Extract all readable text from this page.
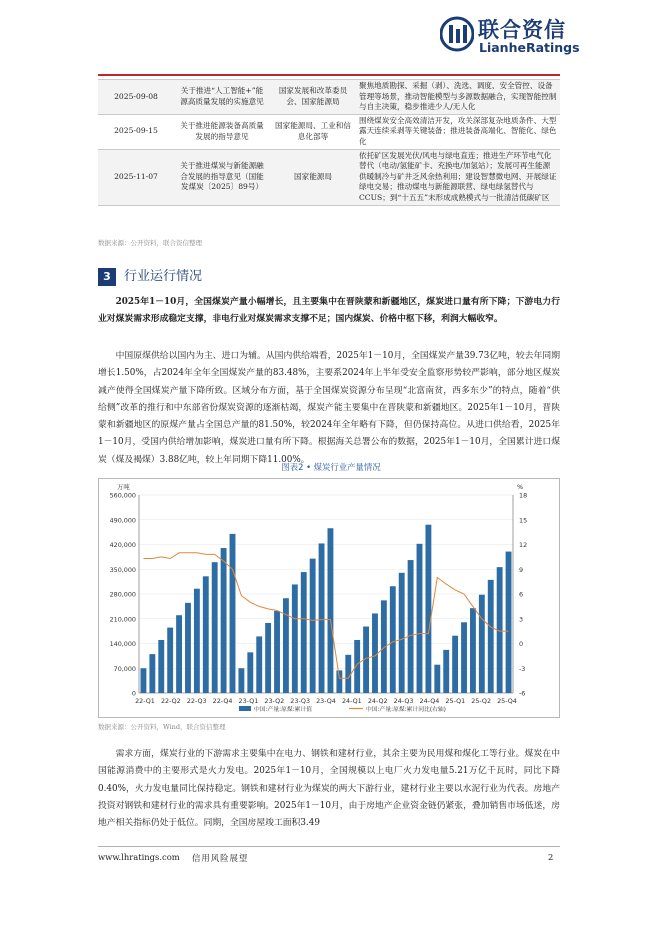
联合资信
LianheRatings
2025-09-08	关于推进“人工智能+”能源高质量发展的实施意见	国家发展和改革委员会、国家能源局	聚焦地质勘探、采掘（剥）、洗选、调度、安全管控、设备管理等场景，推动智能模型与多源数据融合，实现智能控制与自主决策，稳步推进少人/无人化
2025-09-15	关于推进能源装备高质量发展的指导意见	国家能源局、工业和信息化部等	围绕煤炭安全高效清洁开发，攻关深部复杂地质条件、大型露天连续采剥等关键装备；推进装备高端化、智能化、绿色化
2025-11-07	关于推进煤炭与新能源融合发展的指导意见（国能发煤炭〔2025〕89号）	国家能源局	依托矿区发展光伏/风电与绿电直连；推进生产环节电气化替代（电动/氢能矿卡、充换电/加氢站）；发展可再生能源供暖制冷与矿井乏风余热利用；建设智慧微电网、开展绿证绿电交易；推动煤电与新能源联营、绿电绿氢替代与CCUS；到“十五五”末形成成熟模式与一批清洁低碳矿区
数据来源：公开资料，联合资信整理
3	行业运行情况

2025年1－10月，全国煤炭产量小幅增长，且主要集中在晋陕蒙和新疆地区，煤炭进口量有所下降；下游电力行业对煤炭需求形成稳定支撑，非电行业对煤炭需求支撑不足；国内煤炭、价格中枢下移，利润大幅收窄。

中国原煤供给以国内为主、进口为辅。从国内供给端看，2025年1－10月，全国煤炭产量39.73亿吨，较去年同期增长1.50%，占2024年全年全国煤炭产量的83.48%，主要系2024年上半年受安全监察形势较严影响，部分地区煤炭减产使得全国煤炭产量下降所致。区域分布方面，基于全国煤炭资源分布呈现“北富南贫，西多东少”的特点，随着“供给侧”改革的推行和中东部省份煤炭资源的逐渐枯竭，煤炭产能主要集中在晋陕蒙和新疆地区。2025年1－10月，晋陕蒙和新疆地区的原煤产量占全国总产量的81.50%，较2024年全年略有下降，但仍保持高位。从进口供给看，2025年1－10月，受国内供给增加影响，煤炭进口量有所下降。根据海关总署公布的数据，2025年1－10月，全国累计进口煤炭（煤及褐煤）3.88亿吨，较上年同期下降11.00%。

图表2 • 煤炭行业产量情况
0
70,000
140,000
210,000
280,000
350,000
420,000
490,000
560,000
-6
-3
0
3
6
9
12
15
18
万吨	%
22-Q1 22-Q2 22-Q3 22-Q4 23-Q1 23-Q2 23-Q3 23-Q4 24-Q1 24-Q2 24-Q3 24-Q4 25-Q1 25-Q2 25-Q4
中国:产量:原煤:累计值	中国:产量:原煤:累计同比(右轴)
数据来源：公开资料，Wind，联合资信整理

需求方面，煤炭行业的下游需求主要集中在电力、钢铁和建材行业，其余主要为民用煤和煤化工等行业。煤炭在中国能源消费中的主要形式是火力发电。2025年1－10月，全国规模以上电厂火力发电量5.21万亿千瓦时，同比下降0.40%，火力发电量同比保持稳定。钢铁和建材行业为煤炭的两大下游行业，建材行业主要以水泥行业为代表。房地产投资对钢铁和建材行业的需求具有重要影响。2025年1－10月，由于房地产企业资金链仍紧张，叠加销售市场低迷，房地产相关指标仍处于低位。同期，全国房屋竣工面积3.49

www.lhratings.com 信用风险展望	2
